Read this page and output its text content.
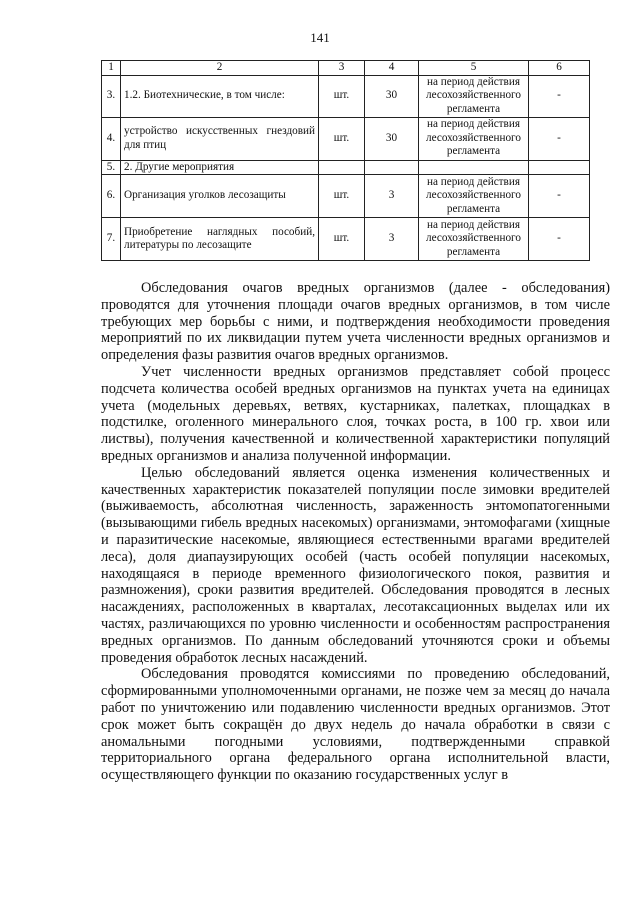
141
1	2	3	4	5	6
3.	1.2. Биотехнические, в том числе:	шт.	30	на период действия лесохозяйственного регламента	-
4.	устройство искусственных гнездовий для птиц	шт.	30	на период действия лесохозяйственного регламента	-
5.	2. Другие мероприятия				
6.	Организация уголков лесозащиты	шт.	3	на период действия лесохозяйственного регламента	-
7.	Приобретение наглядных пособий, литературы по лесозащите	шт.	3	на период действия лесохозяйственного регламента	-

Обследования очагов вредных организмов (далее - обследования) проводятся для уточнения площади очагов вредных организмов, в том числе требующих мер борьбы с ними, и подтверждения необходимости проведения мероприятий по их ликвидации путем учета численности вредных организмов и определения фазы развития очагов вредных организмов.

Учет численности вредных организмов представляет собой процесс подсчета количества особей вредных организмов на пунктах учета на единицах учета (модельных деревьях, ветвях, кустарниках, палетках, площадках в подстилке, оголенного минерального слоя, точках роста, в 100 гр. хвои или листвы), получения качественной и количественной характеристики популяций вредных организмов и анализа полученной информации.

Целью обследований является оценка изменения количественных и качественных характеристик показателей популяции после зимовки вредителей (выживаемость, абсолютная численность, зараженность энтомопатогенными (вызывающими гибель вредных насекомых) организмами, энтомофагами (хищные и паразитические насекомые, являющиеся естественными врагами вредителей леса), доля диапаузирующих особей (часть особей популяции насекомых, находящаяся в периоде временного физиологического покоя, развития и размножения), сроки развития вредителей. Обследования проводятся в лесных насаждениях, расположенных в кварталах, лесотаксационных выделах или их частях, различающихся по уровню численности и особенностям распространения вредных организмов. По данным обследований уточняются сроки и объемы проведения обработок лесных насаждений.

Обследования проводятся комиссиями по проведению обследований, сформированными уполномоченными органами, не позже чем за месяц до начала работ по уничтожению или подавлению численности вредных организмов. Этот срок может быть сокращён до двух недель до начала обработки в связи с аномальными погодными условиями, подтвержденными справкой территориального органа федерального органа исполнительной власти, осуществляющего функции по оказанию государственных услуг в
